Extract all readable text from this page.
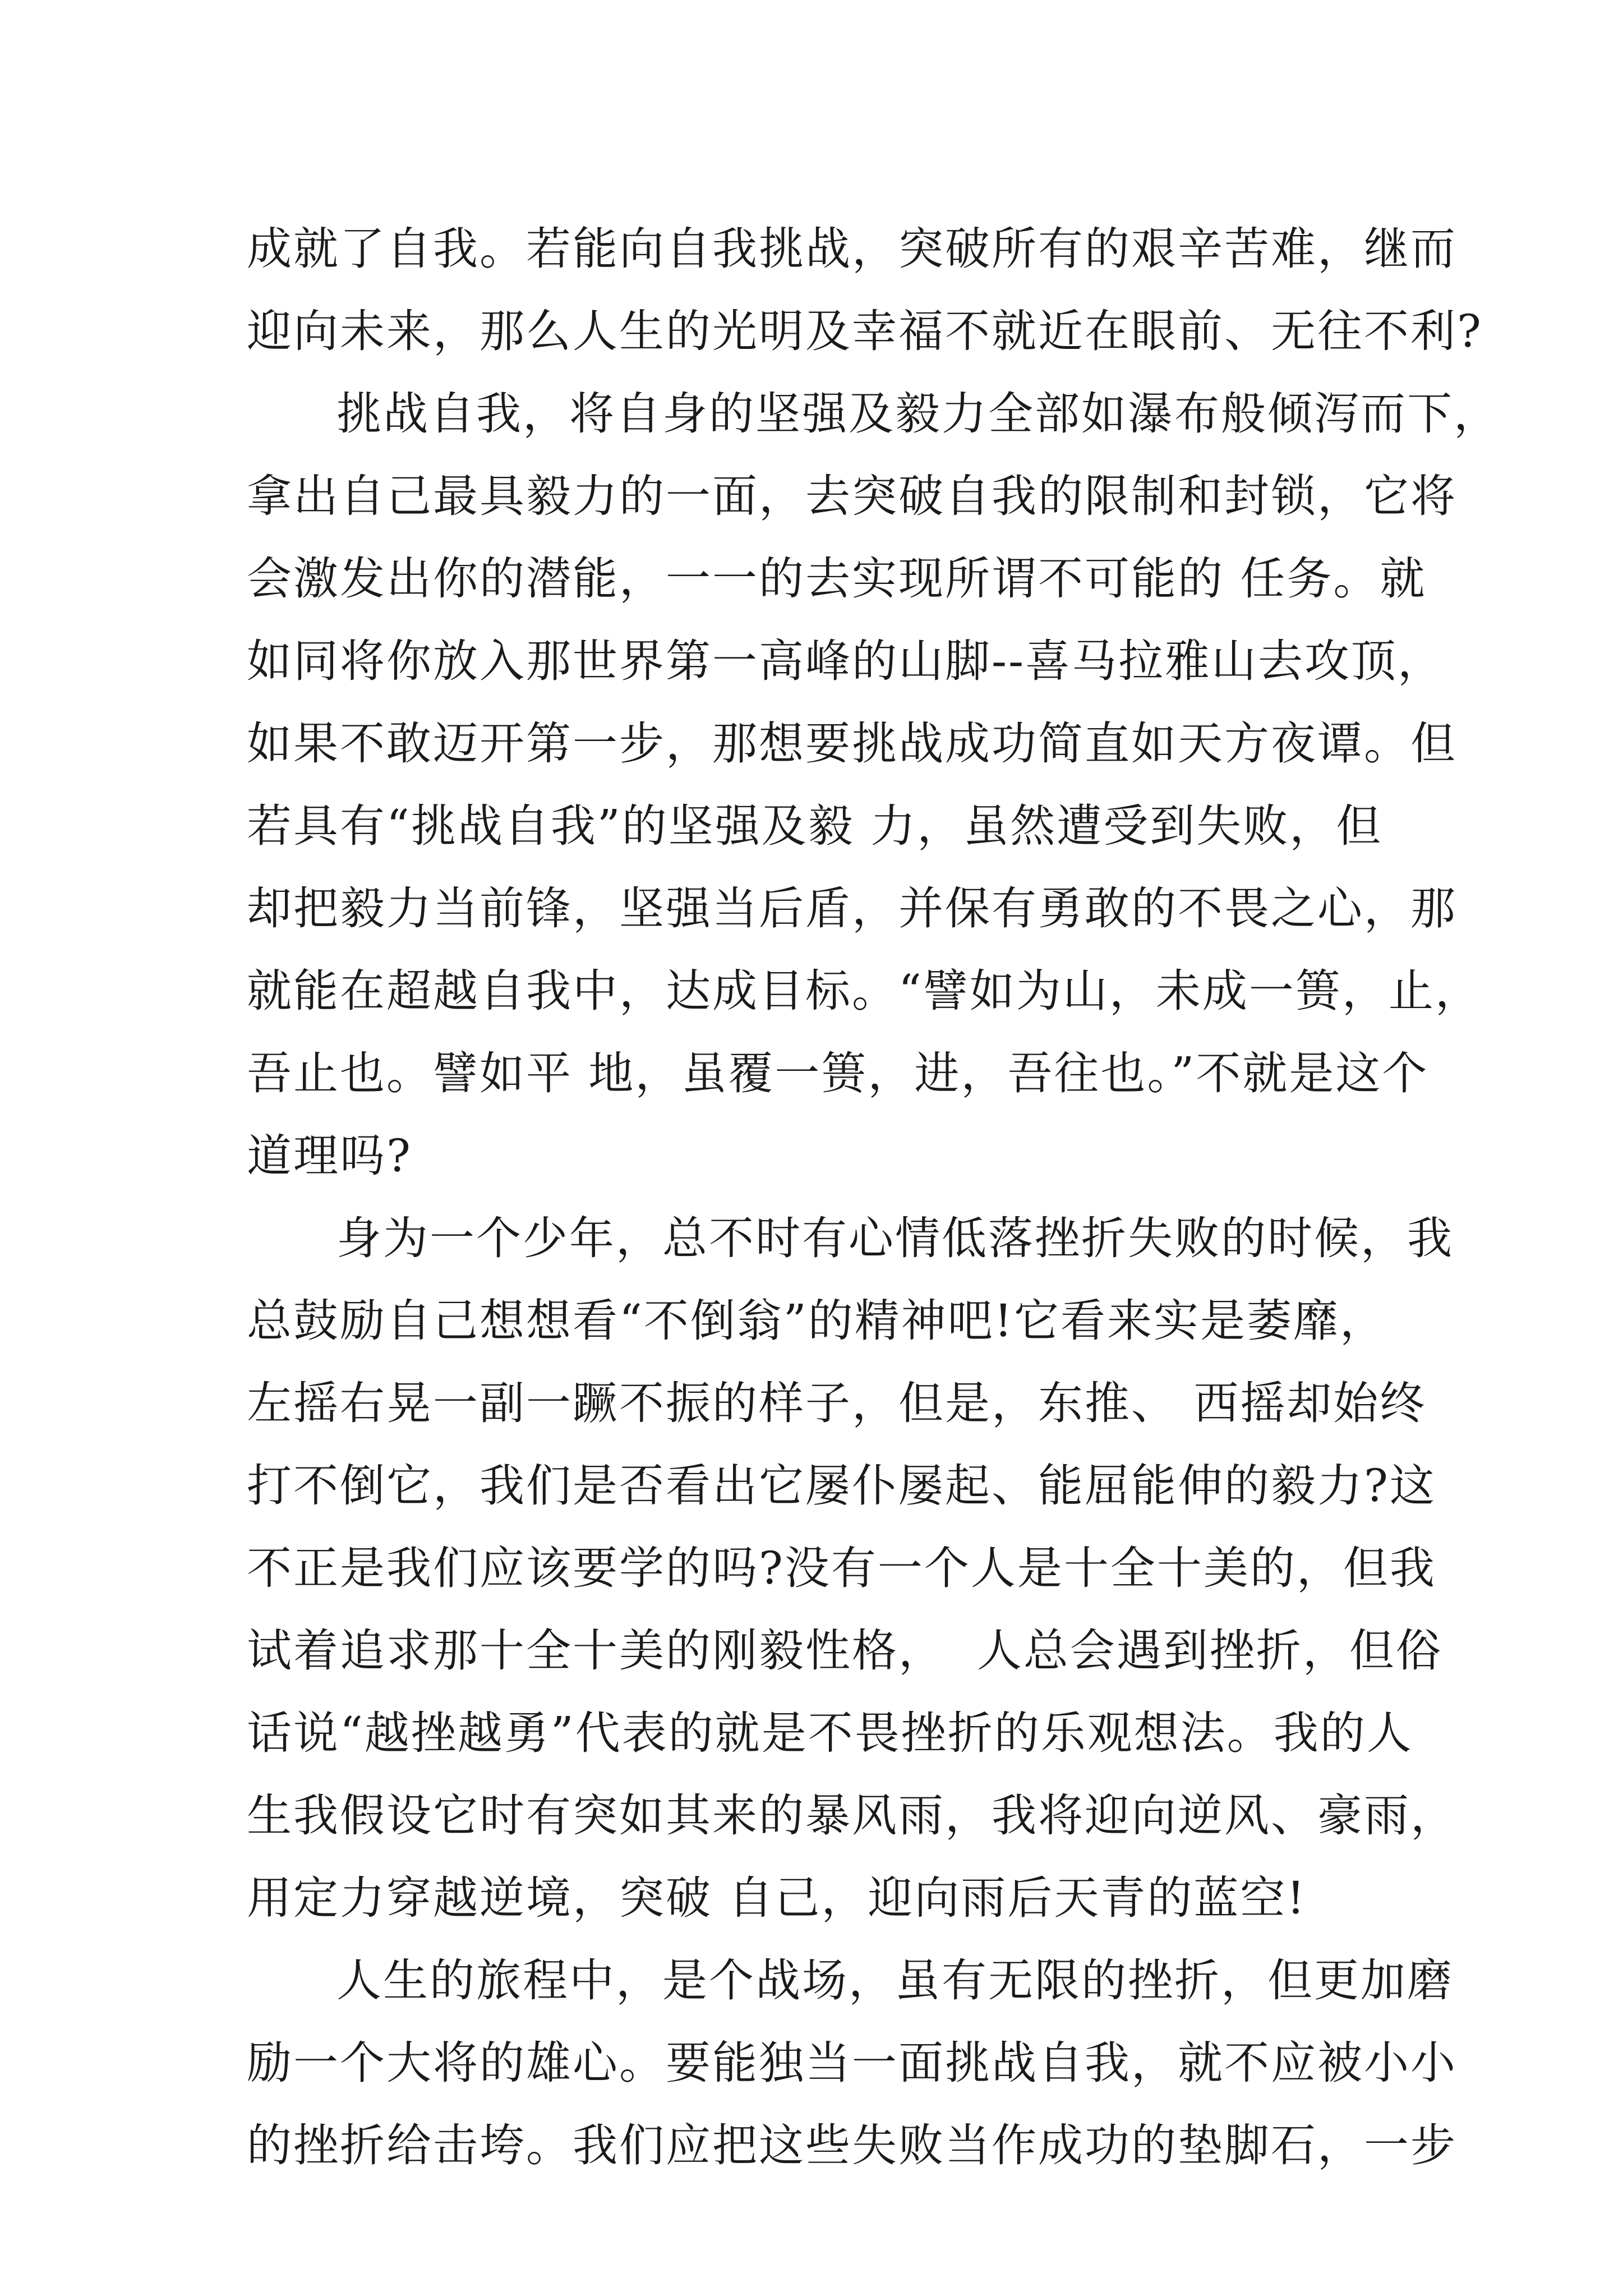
成就了自我。若能向自我挑战，突破所有的艰辛苦难，继而
迎向未来，那么人生的光明及幸福不就近在眼前、无往不利?
挑战自我，将自身的坚强及毅力全部如瀑布般倾泻而下，
拿出自己最具毅力的一面，去突破自我的限制和封锁，它将
会激发出你的潜能，一一的去实现所谓不可能的 任务。就
如同将你放入那世界第一高峰的山脚--喜马拉雅山去攻顶，
如果不敢迈开第一步，那想要挑战成功简直如天方夜谭。但
若具有“挑战自我”的坚强及毅 力，虽然遭受到失败，但
却把毅力当前锋，坚强当后盾，并保有勇敢的不畏之心，那
就能在超越自我中，达成目标。“譬如为山，未成一篑，止，
吾止也。譬如平 地，虽覆一篑，进，吾往也。”不就是这个
道理吗?
身为一个少年，总不时有心情低落挫折失败的时候，我
总鼓励自己想想看“不倒翁”的精神吧!它看来实是萎靡，
左摇右晃一副一蹶不振的样子，但是，东推、 西摇却始终
打不倒它，我们是否看出它屡仆屡起、能屈能伸的毅力?这
不正是我们应该要学的吗?没有一个人是十全十美的，但我
试着追求那十全十美的刚毅性格，  人总会遇到挫折，但俗
话说“越挫越勇”代表的就是不畏挫折的乐观想法。我的人
生我假设它时有突如其来的暴风雨，我将迎向逆风、豪雨，
用定力穿越逆境，突破 自己，迎向雨后天青的蓝空!
人生的旅程中，是个战场，虽有无限的挫折，但更加磨
励一个大将的雄心。要能独当一面挑战自我，就不应被小小
的挫折给击垮。我们应把这些失败当作成功的垫脚石，一步
